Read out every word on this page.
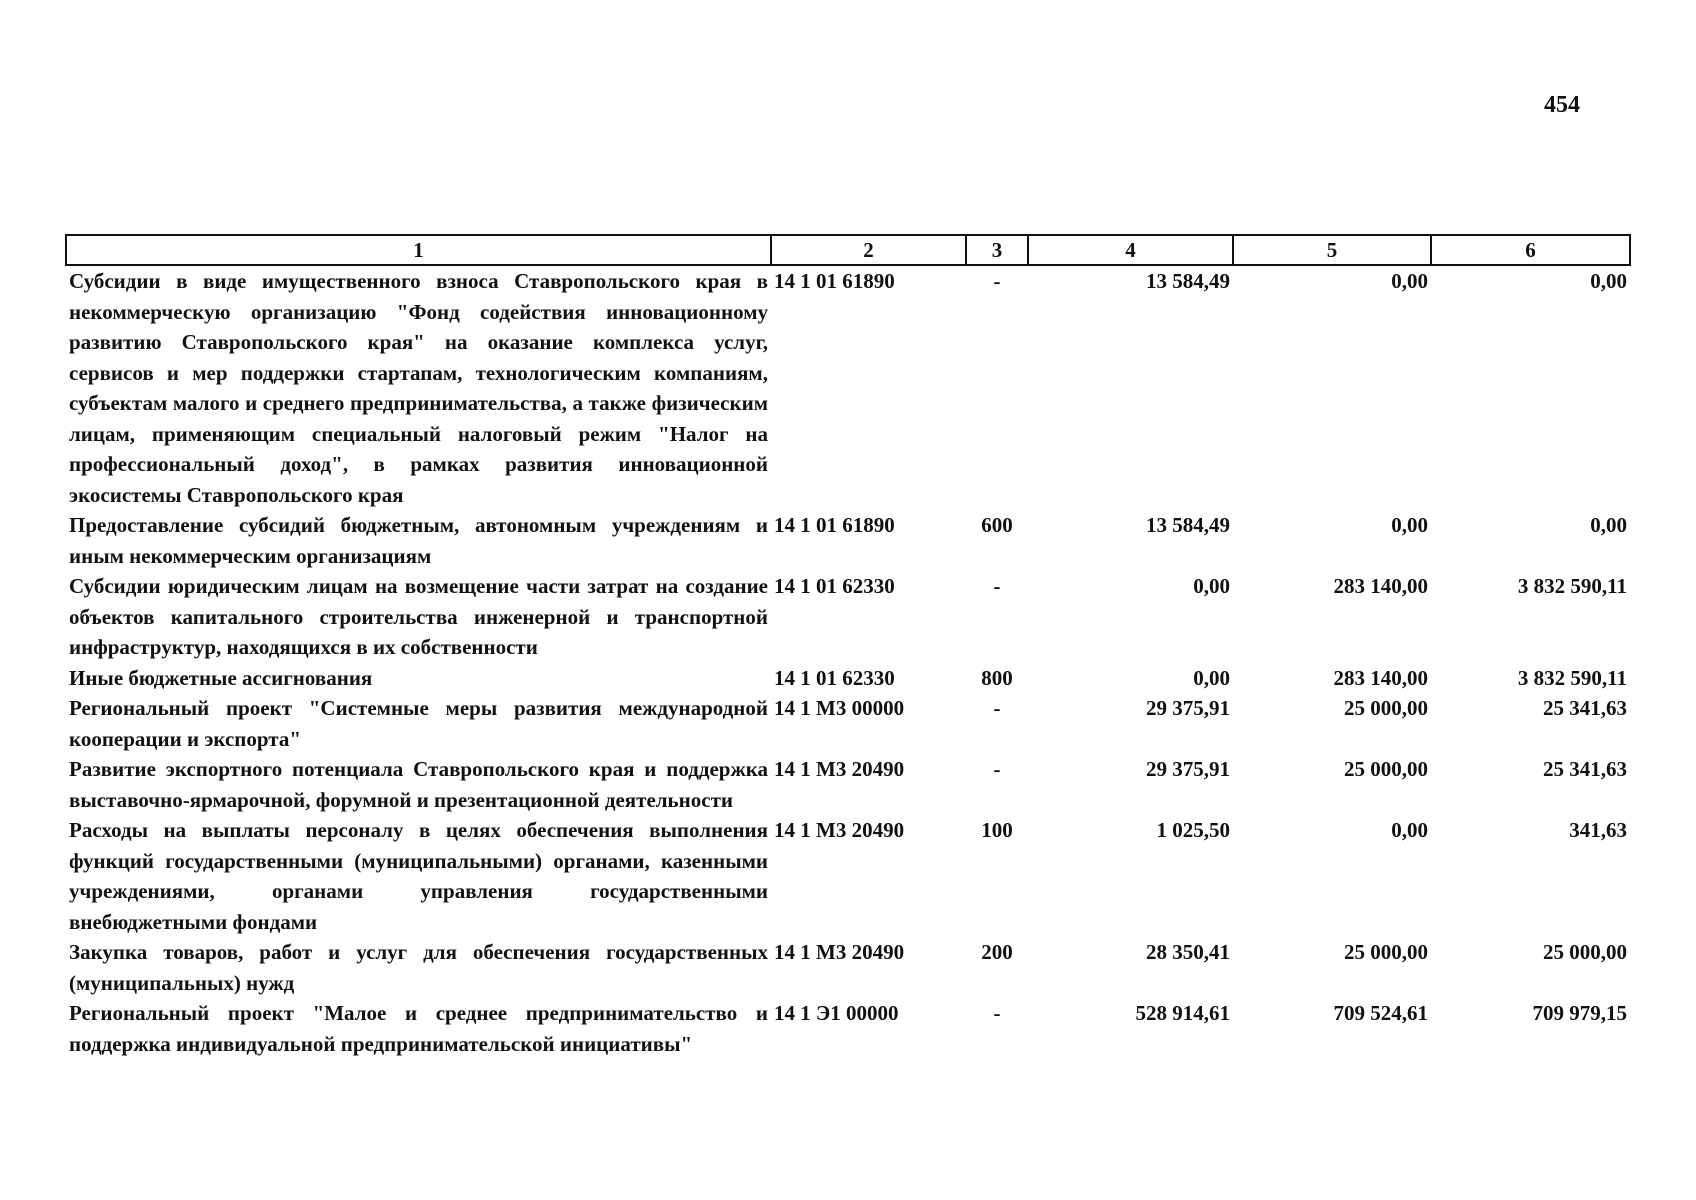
454
1	2	3	4	5	6
Субсидии в виде имущественного взноса Ставропольского края в некоммерческую организацию "Фонд содействия инновационному развитию Ставропольского края" на оказание комплекса услуг, сервисов и мер поддержки стартапам, технологическим компаниям, субъектам малого и среднего предпринимательства, а также физическим лицам, применяющим специальный налоговый режим "Налог на профессиональный доход", в рамках развития инновационной экосистемы Ставропольского края	14 1 01 61890	-	13 584,49	0,00	0,00
Предоставление субсидий бюджетным, автономным учреждениям и иным некоммерческим организациям	14 1 01 61890	600	13 584,49	0,00	0,00
Субсидии юридическим лицам на возмещение части затрат на создание объектов капитального строительства инженерной и транспортной инфраструктур, находящихся в их собственности	14 1 01 62330	-	0,00	283 140,00	3 832 590,11
Иные бюджетные ассигнования	14 1 01 62330	800	0,00	283 140,00	3 832 590,11
Региональный проект "Системные меры развития международной кооперации и экспорта"	14 1 М3 00000	-	29 375,91	25 000,00	25 341,63
Развитие экспортного потенциала Ставропольского края и поддержка выставочно-ярмарочной, форумной и презентационной деятельности	14 1 М3 20490	-	29 375,91	25 000,00	25 341,63
Расходы на выплаты персоналу в целях обеспечения выполнения функций государственными (муниципальными) органами, казенными учреждениями, органами управления государственными внебюджетными фондами	14 1 М3 20490	100	1 025,50	0,00	341,63
Закупка товаров, работ и услуг для обеспечения государственных (муниципальных) нужд	14 1 М3 20490	200	28 350,41	25 000,00	25 000,00
Региональный проект "Малое и среднее предпринимательство и поддержка индивидуальной предпринимательской инициативы"	14 1 Э1 00000	-	528 914,61	709 524,61	709 979,15
